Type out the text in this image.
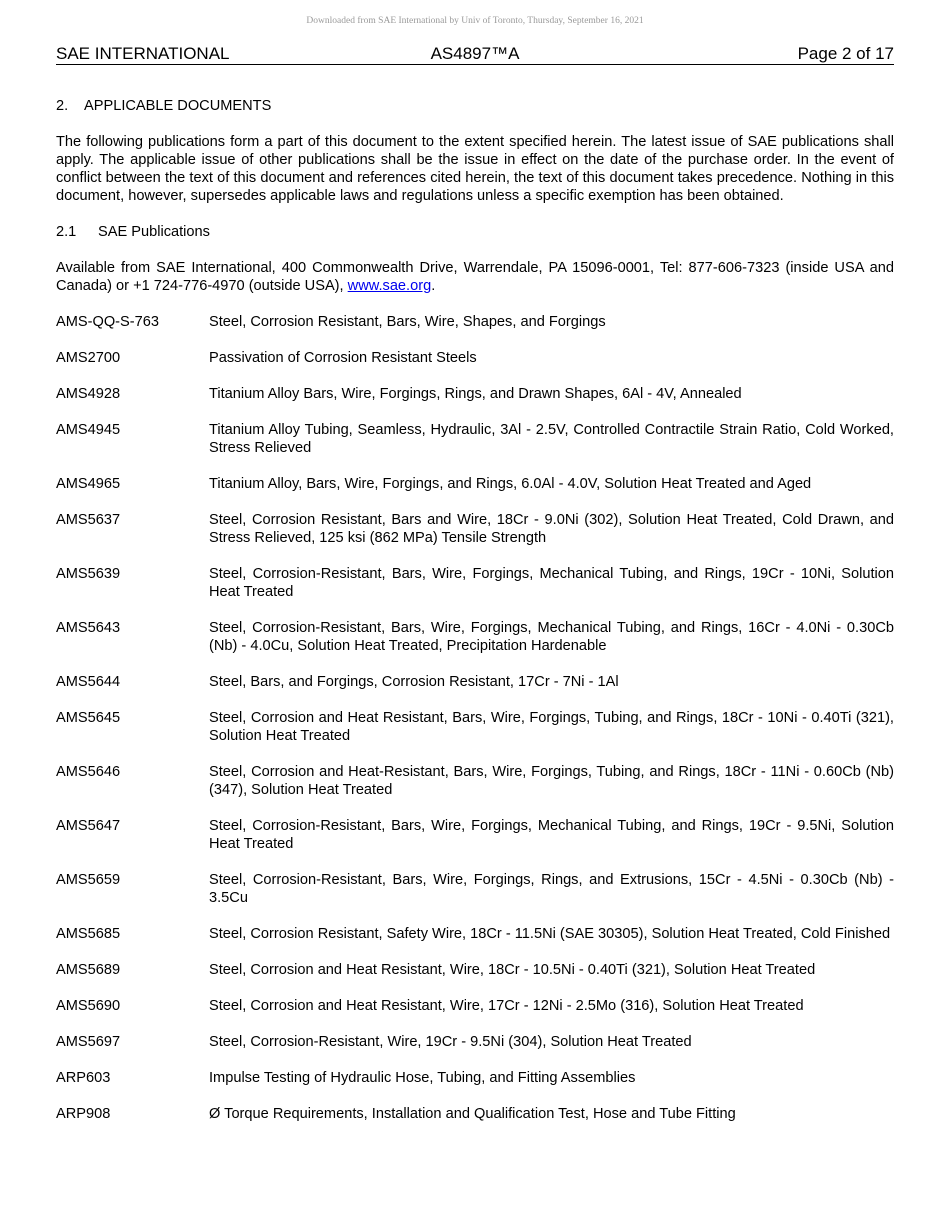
Downloaded from SAE International by Univ of Toronto, Thursday, September 16, 2021
SAE INTERNATIONAL	AS4897™A	Page 2 of 17

2. APPLICABLE DOCUMENTS

The following publications form a part of this document to the extent specified herein. The latest issue of SAE publications shall apply. The applicable issue of other publications shall be the issue in effect on the date of the purchase order. In the event of conflict between the text of this document and references cited herein, the text of this document takes precedence. Nothing in this document, however, supersedes applicable laws and regulations unless a specific exemption has been obtained.

2.1 SAE Publications

Available from SAE International, 400 Commonwealth Drive, Warrendale, PA 15096-0001, Tel: 877-606-7323 (inside USA and Canada) or +1 724-776-4970 (outside USA), www.sae.org.

AMS-QQ-S-763	Steel, Corrosion Resistant, Bars, Wire, Shapes, and Forgings
AMS2700	Passivation of Corrosion Resistant Steels
AMS4928	Titanium Alloy Bars, Wire, Forgings, Rings, and Drawn Shapes, 6Al - 4V, Annealed
AMS4945	Titanium Alloy Tubing, Seamless, Hydraulic, 3Al - 2.5V, Controlled Contractile Strain Ratio, Cold Worked, Stress Relieved
AMS4965	Titanium Alloy, Bars, Wire, Forgings, and Rings, 6.0Al - 4.0V, Solution Heat Treated and Aged
AMS5637	Steel, Corrosion Resistant, Bars and Wire, 18Cr - 9.0Ni (302), Solution Heat Treated, Cold Drawn, and Stress Relieved, 125 ksi (862 MPa) Tensile Strength
AMS5639	Steel, Corrosion-Resistant, Bars, Wire, Forgings, Mechanical Tubing, and Rings, 19Cr - 10Ni, Solution Heat Treated
AMS5643	Steel, Corrosion-Resistant, Bars, Wire, Forgings, Mechanical Tubing, and Rings, 16Cr - 4.0Ni - 0.30Cb (Nb) - 4.0Cu, Solution Heat Treated, Precipitation Hardenable
AMS5644	Steel, Bars, and Forgings, Corrosion Resistant, 17Cr - 7Ni - 1Al
AMS5645	Steel, Corrosion and Heat Resistant, Bars, Wire, Forgings, Tubing, and Rings, 18Cr - 10Ni - 0.40Ti (321), Solution Heat Treated
AMS5646	Steel, Corrosion and Heat-Resistant, Bars, Wire, Forgings, Tubing, and Rings, 18Cr - 11Ni - 0.60Cb (Nb) (347), Solution Heat Treated
AMS5647	Steel, Corrosion-Resistant, Bars, Wire, Forgings, Mechanical Tubing, and Rings, 19Cr - 9.5Ni, Solution Heat Treated
AMS5659	Steel, Corrosion-Resistant, Bars, Wire, Forgings, Rings, and Extrusions, 15Cr - 4.5Ni - 0.30Cb (Nb) - 3.5Cu
AMS5685	Steel, Corrosion Resistant, Safety Wire, 18Cr - 11.5Ni (SAE 30305), Solution Heat Treated, Cold Finished
AMS5689	Steel, Corrosion and Heat Resistant, Wire, 18Cr - 10.5Ni - 0.40Ti (321), Solution Heat Treated
AMS5690	Steel, Corrosion and Heat Resistant, Wire, 17Cr - 12Ni - 2.5Mo (316), Solution Heat Treated
AMS5697	Steel, Corrosion-Resistant, Wire, 19Cr - 9.5Ni (304), Solution Heat Treated
ARP603	Impulse Testing of Hydraulic Hose, Tubing, and Fitting Assemblies
ARP908	Ø Torque Requirements, Installation and Qualification Test, Hose and Tube Fitting
